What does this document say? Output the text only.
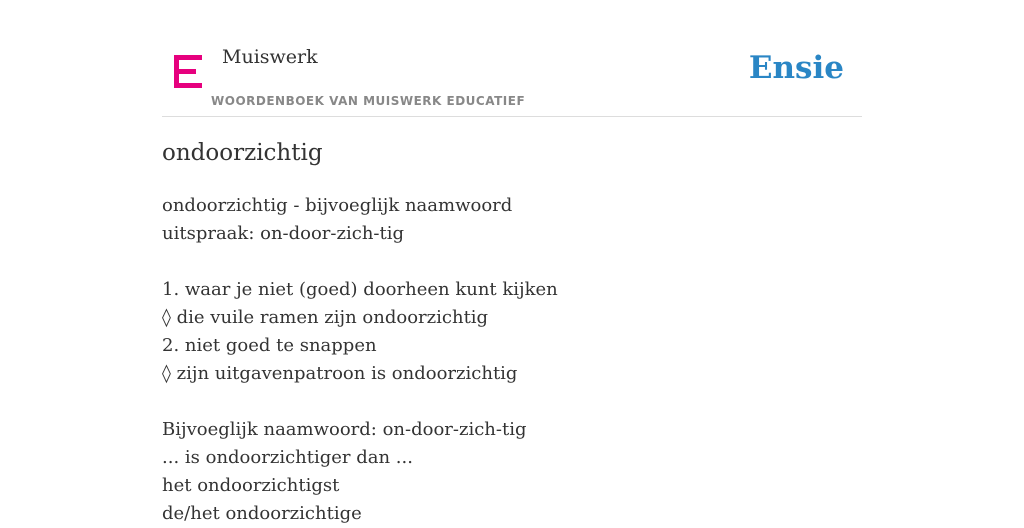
Muiswerk
WOORDENBOEK VAN MUISWERK EDUCATIEF
Ensie
ondoorzichtig
ondoorzichtig - bijvoeglijk naamwoord
uitspraak: on-door-zich-tig
1. waar je niet (goed) doorheen kunt kijken
◊ die vuile ramen zijn ondoorzichtig
2. niet goed te snappen
◊ zijn uitgavenpatroon is ondoorzichtig
Bijvoeglijk naamwoord: on-door-zich-tig
... is ondoorzichtiger dan ...
het ondoorzichtigst
de/het ondoorzichtige
